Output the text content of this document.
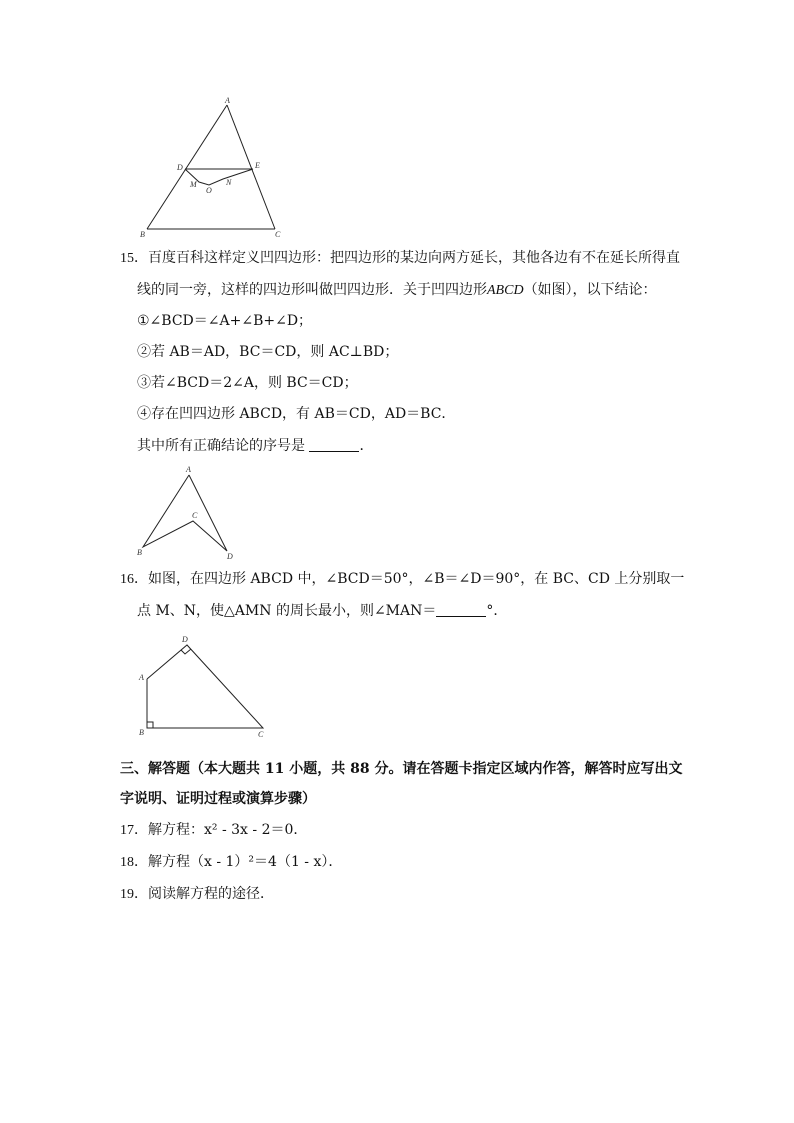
A
D	E
M
O
N
B	C
15．百度百科这样定义凹四边形：把四边形的某边向两方延长，其他各边有不在延长所得直
线的同一旁，这样的四边形叫做凹四边形．关于凹四边形ABCD（如图），以下结论：
①∠BCD＝∠A+∠B+∠D；
②若 AB＝AD，BC＝CD，则 AC⊥BD；
③若∠BCD＝2∠A，则 BC＝CD；
④存在凹四边形 ABCD，有 AB＝CD，AD＝BC．
其中所有正确结论的序号是	．
A
B
C
D
16．如图，在四边形 ABCD 中，∠BCD＝50°，∠B＝∠D＝90°，在 BC、CD 上分别取一
点 M、N，使△AMN 的周长最小，则∠MAN＝	°．
D
A
B	C
三、解答题（本大题共 11 小题，共 88 分。请在答题卡指定区域内作答，解答时应写出文
字说明、证明过程或演算步骤）
17．解方程：x² - 3x - 2＝0．
18．解方程（x - 1）²＝4（1 - x）．
19．阅读解方程的途径．
